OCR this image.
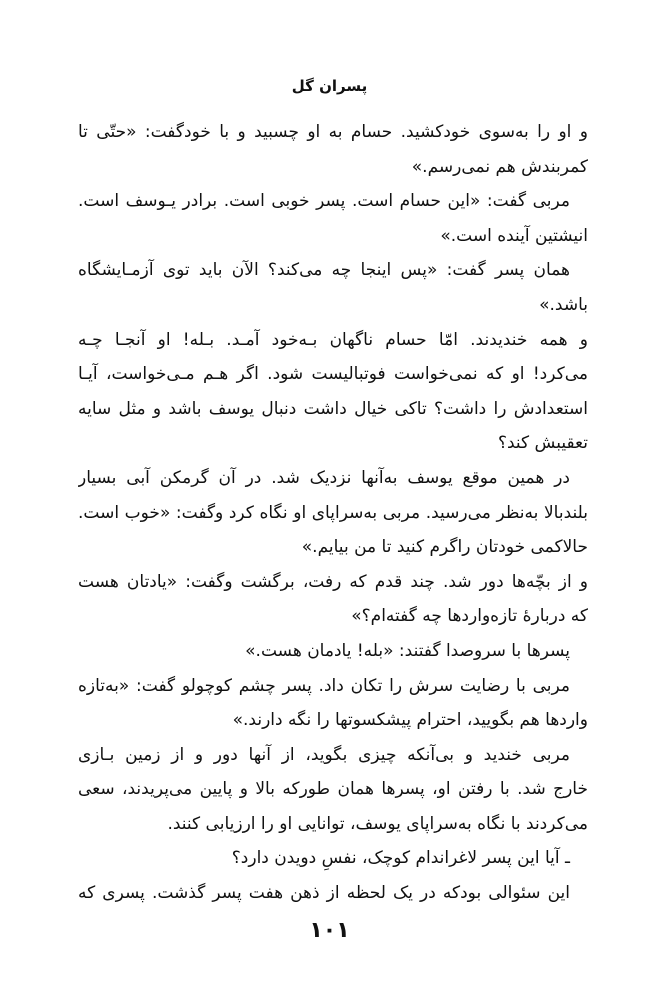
پسران گل
و او را به‌سوی خودکشید. حسام به او چسبید و با خودگفت: «حتّی تا
کمربندش هم نمی‌رسم.»
مربی گفت: «این حسام است. پسر خوبی است. برادر یـوسف است.
انیشتین آینده است.»
همان پسر گفت: «پس اینجا چه می‌کند؟ الآن باید توی آزمـایشگاه
باشد.»
و همه خندیدند. امّا حسام ناگهان بـه‌خود آمـد. بـله! او آنجـا چـه
می‌کرد! او که نمی‌خواست فوتبالیست شود. اگر هـم مـی‌خواست، آیـا
استعدادش را داشت؟ تاکی خیال داشت دنبال یوسف باشد و مثل سایه
تعقیبش کند؟
در همین موقع یوسف به‌آنها نزدیک شد. در آن گرمکن آبی بسیار
بلندبالا به‌نظر می‌رسید. مربی به‌سراپای او نگاه کرد وگفت: «خوب است.
حالاکمی خودتان راگرم کنید تا من بیایم.»
و از بچّه‌ها دور شد. چند قدم که رفت، برگشت وگفت: «یادتان هست
که دربارهٔ تازه‌واردها چه گفته‌ام؟»
پسرها با سروصدا گفتند: «بله! یادمان هست.»
مربی با رضایت سرش را تکان داد. پسر چشم‌ کوچولو گفت: «به‌تازه
واردها هم بگویید، احترام پیشکسوتها را نگه دارند.»
مربی خندید و بی‌آنکه چیزی بگوید، از آنها دور و از زمین بـازی
خارج شد. با رفتن او، پسرها همان طورکه بالا و پایین می‌پریدند، سعی
می‌کردند با نگاه به‌سراپای یوسف، توانایی او را ارزیابی کنند.
ـ آیا این پسر لاغراندام‌ کوچک، نفسِ دویدن دارد؟
این سئوالی بودکه در یک لحظه از ذهن هفت پسر گذشت. پسری که
١٠١
